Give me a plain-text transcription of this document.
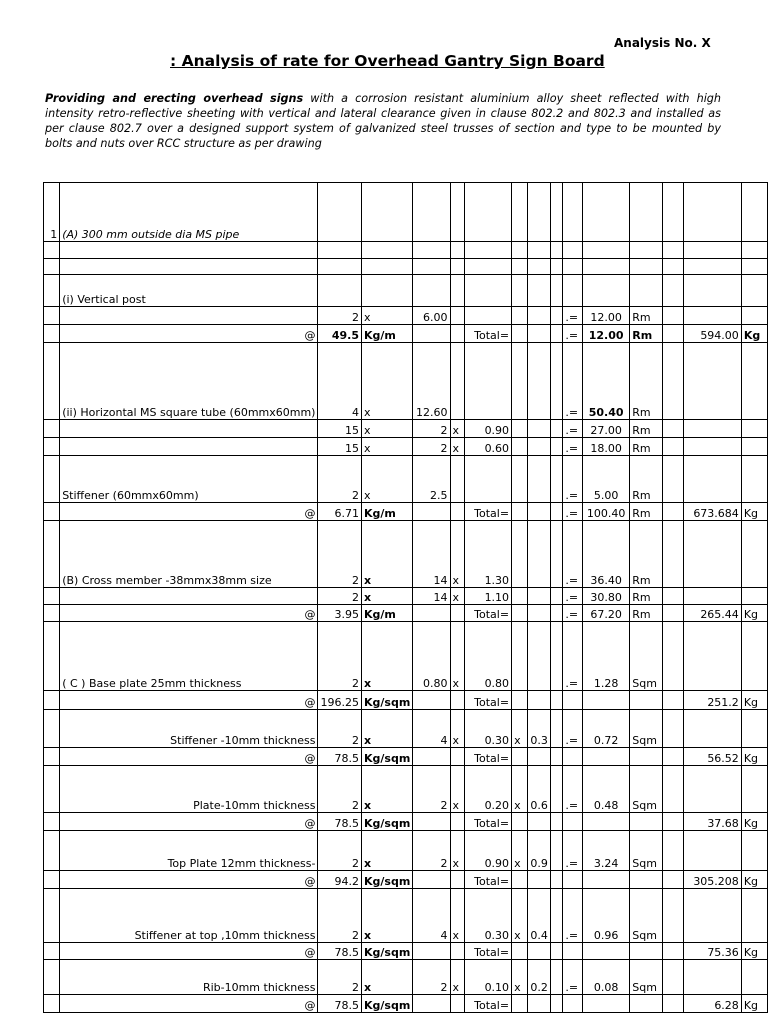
Analysis No. X
: Analysis of rate for Overhead Gantry Sign Board
Providing and erecting overhead signs with a corrosion resistant aluminium alloy sheet reflected with high intensity retro-reflective sheeting with vertical and lateral clearance given in clause 802.2 and 802.3 and installed as per clause 802.7 over a designed support system of galvanized steel trusses of section and type to be mounted by bolts and nuts over RCC structure as per drawing
1	(A) 300 mm outside dia MS pipe														

	(i) Vertical post														
		2	x	6.00						.=	12.00	Rm			
	@	49.5	Kg/m			Total=				.=	12.00	Rm		594.00	Kg
	(ii) Horizontal MS square tube (60mmx60mm)	4	x	12.60						.=	50.40	Rm			
		15	x	2	x	0.90				.=	27.00	Rm			
		15	x	2	x	0.60				.=	18.00	Rm			
	Stiffener (60mmx60mm)	2	x	2.5						.=	5.00	Rm			
	@	6.71	Kg/m			Total=				.=	100.40	Rm		673.684	Kg
	(B) Cross member -38mmx38mm size	2	x	14	x	1.30				.=	36.40	Rm			
		2	x	14	x	1.10				.=	30.80	Rm			
	@	3.95	Kg/m			Total=				.=	67.20	Rm		265.44	Kg
	( C ) Base plate 25mm thickness	2	x	0.80	x	0.80				.=	1.28	Sqm			
	@	196.25	Kg/sqm			Total=								251.2	Kg
	Stiffener -10mm thickness	2	x	4	x	0.30	x	0.3		.=	0.72	Sqm			
	@	78.5	Kg/sqm			Total=								56.52	Kg
	Plate-10mm thickness	2	x	2	x	0.20	x	0.6		.=	0.48	Sqm			
	@	78.5	Kg/sqm			Total=								37.68	Kg
	Top Plate 12mm thickness-	2	x	2	x	0.90	x	0.9		.=	3.24	Sqm			
	@	94.2	Kg/sqm			Total=								305.208	Kg
	Stiffener at top ,10mm thickness	2	x	4	x	0.30	x	0.4		.=	0.96	Sqm			
	@	78.5	Kg/sqm			Total=								75.36	Kg
	Rib-10mm thickness	2	x	2	x	0.10	x	0.2		.=	0.08	Sqm			
	@	78.5	Kg/sqm			Total=								6.28	Kg
